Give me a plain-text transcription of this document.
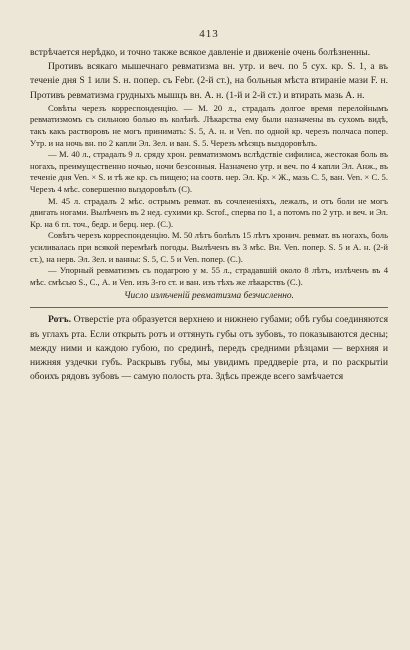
413

встрѣчается нерѣдко, и точно также всякое давленіе и движеніе очень болѣзненны.

Противъ всякаго мышечнаго ревматизма вн. утр. и веч. по 5 сух. кр. S. 1, а въ теченіе дня S 1 или S. н. попер. съ Febr. (2-й ст.), на больныя мѣста втираніе мази F. н. Противъ ревматизма грудныхъ мышцъ вн. А. н. (1-й и 2-й ст.) и втирать мазь А. н.

Совѣты черезъ корреспонденцію. — М. 20 л., страдалъ долгое время перелойнымъ ревматизмомъ съ сильною болью въ колѣнѣ. Лѣкарства ему были назначены въ сухомъ видѣ, такъ какъ растворовъ не могъ принимать: S. 5, А. н. и Ven. по одной кр. черезъ полчаса попер. Утр. и на ночь вн. по 2 капли Эл. Зел. и ван. S. 5. Черезъ мѣсяцъ выздоровѣлъ.

— М. 40 л., страдалъ 9 л. сряду хрон. ревматизмомъ вслѣдствіе сифилиса, жестокая боль въ ногахъ, преимущественно ночью, ночи безсонныя. Назначено утр. и веч. по 4 капли Эл. Анж., въ теченіе дня Ven. × S. и тѣ же кр. съ пищею; на соотв. нер. Эл. Кр. × Ж., мазь С. 5, ван. Ven. × С. 5. Черезъ 4 мѣс. совершенно выздоровѣлъ (С).

М. 45 л. страдалъ 2 мѣс. острымъ ревмат. въ сочлененіяхъ, лежалъ, и отъ боли не могъ двигать ногами. Вылѣченъ въ 2 нед. сухими кр. Scrof., сперва по 1, а потомъ по 2 утр. и веч. и Эл. Кр. на 6 гл. точ., бедр. и берц. нер. (С.).

Совѣтъ черезъ корреспонденцію. М. 50 лѣтъ болѣлъ 15 лѣтъ хронич. ревмат. въ ногахъ, боль усиливалась при всякой перемѣнѣ погоды. Вылѣченъ въ 3 мѣс. Вн. Ven. попер. S. 5 и А. н. (2-й ст.), на нерв. Эл. Зел. и ванны: S. 5, С. 5 и Ven. попер. (С.).

— Упорный ревматизмъ съ подагрою у м. 55 л., страдавшій около 8 лѣтъ, излѣченъ въ 4 мѣс. смѣсью S., С., А. и Ven. изъ 3-го ст. и ван. изъ тѣхъ же лѣкарствъ (С.).

Число излѣченій ревматизма безчисленно.

Ротъ. Отверстіе рта образуется верхнею и нижнею губами; обѣ губы соединяются въ углахъ рта. Если открыть ротъ и оттянуть губы отъ зубовъ, то показываются десны; между ними и каждою губою, по срединѣ, передъ средними рѣзцами — верхняя и нижняя уздечки губъ. Раскрывъ губы, мы увидимъ преддверіе рта, и по раскрытіи обоихъ рядовъ зубовъ — самую полость рта. Здѣсь прежде всего замѣчается
